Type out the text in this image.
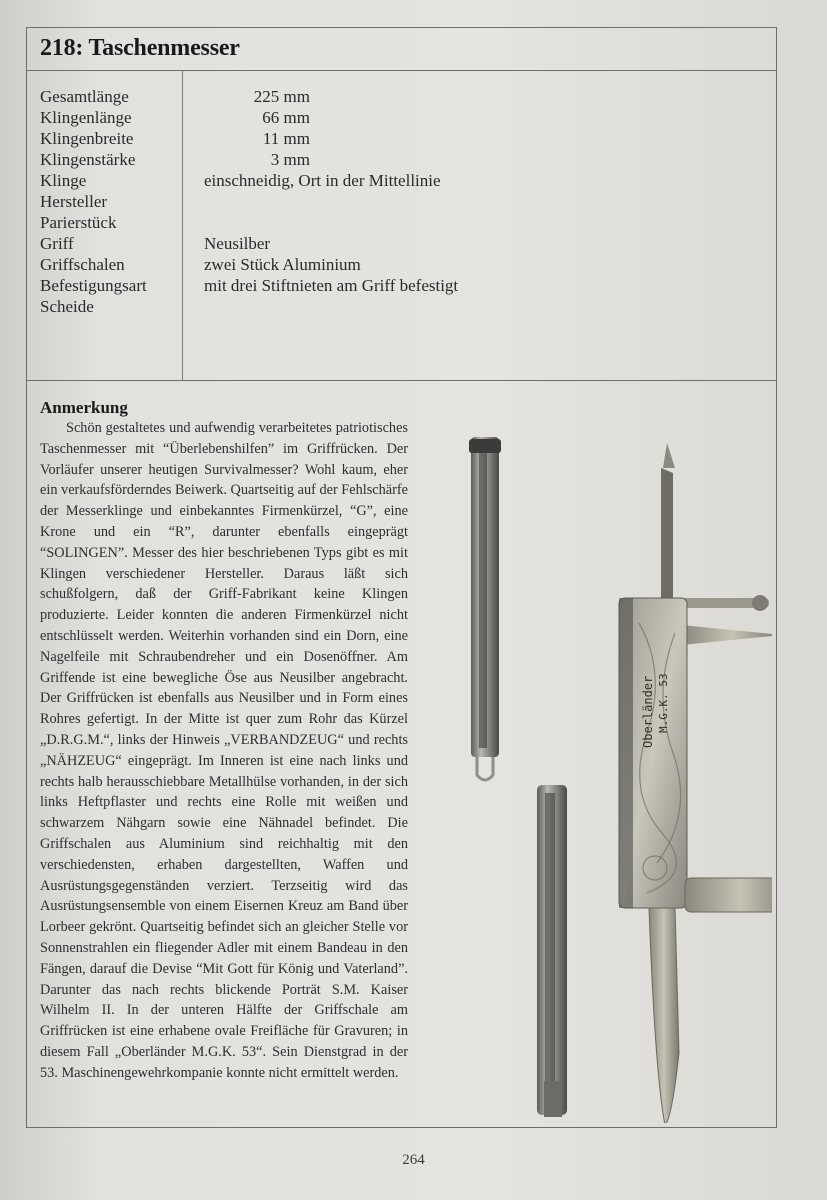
218: Taschenmesser
Gesamtlänge	225 mm
Klingenlänge	66 mm
Klingenbreite	11 mm
Klingenstärke	3 mm
Klinge	einschneidig, Ort in der Mittellinie
Hersteller
Parierstück
Griff	Neusilber
Griffschalen	zwei Stück Aluminium
Befestigungsart	mit drei Stiftnieten am Griff befestigt
Scheide
Anmerkung

Schön gestaltetes und aufwendig verarbeitetes patriotisches Taschenmesser mit “Überlebenshilfen” im Griffrücken. Der Vorläufer unserer heutigen Survivalmesser? Wohl kaum, eher ein verkaufsförderndes Beiwerk. Quartseitig auf der Fehlschärfe der Messerklinge und einbekanntes Firmenkürzel, “G”, eine Krone und ein “R”, darunter ebenfalls eingeprägt “SOLINGEN”. Messer des hier beschriebenen Typs gibt es mit Klingen verschiedener Hersteller. Daraus läßt sich schußfolgern, daß der Griff-Fabrikant keine Klingen produzierte. Leider konnten die anderen Firmenkürzel nicht entschlüsselt werden. Weiterhin vorhanden sind ein Dorn, eine Nagelfeile mit Schraubendreher und ein Dosenöffner. Am Griffende ist eine bewegliche Öse aus Neusilber angebracht. Der Griffrücken ist ebenfalls aus Neusilber und in Form eines Rohres gefertigt. In der Mitte ist quer zum Rohr das Kürzel „D.R.G.M.“, links der Hinweis „VERBANDZEUG“ und rechts „NÄHZEUG“ eingeprägt. Im Inneren ist eine nach links und rechts halb herausschiebbare Metallhülse vorhanden, in der sich links Heftpflaster und rechts eine Rolle mit weißen und schwarzem Nähgarn sowie eine Nähnadel befindet. Die Griffschalen aus Aluminium sind reichhaltig mit den verschiedensten, erhaben dargestellten, Waffen und Ausrüstungsgegenständen verziert. Terzseitig wird das Ausrüstungsensemble von einem Eisernen Kreuz am Band über Lorbeer gekrönt. Quartseitig befindet sich an gleicher Stelle vor Sonnenstrahlen ein fliegender Adler mit einem Bandeau in den Fängen, darauf die Devise “Mit Gott für König und Vaterland”. Darunter das nach rechts blickende Porträt S.M. Kaiser Wilhelm II. In der unteren Hälfte der Griffschale am Griffrücken ist eine erhabene ovale Freifläche für Gravuren; in diesem Fall „Oberländer M.G.K. 53“. Sein Dienstgrad in der 53. Maschinengewehrkompanie konnte nicht ermittelt werden.

Oberländer M.G.K. 53
264
